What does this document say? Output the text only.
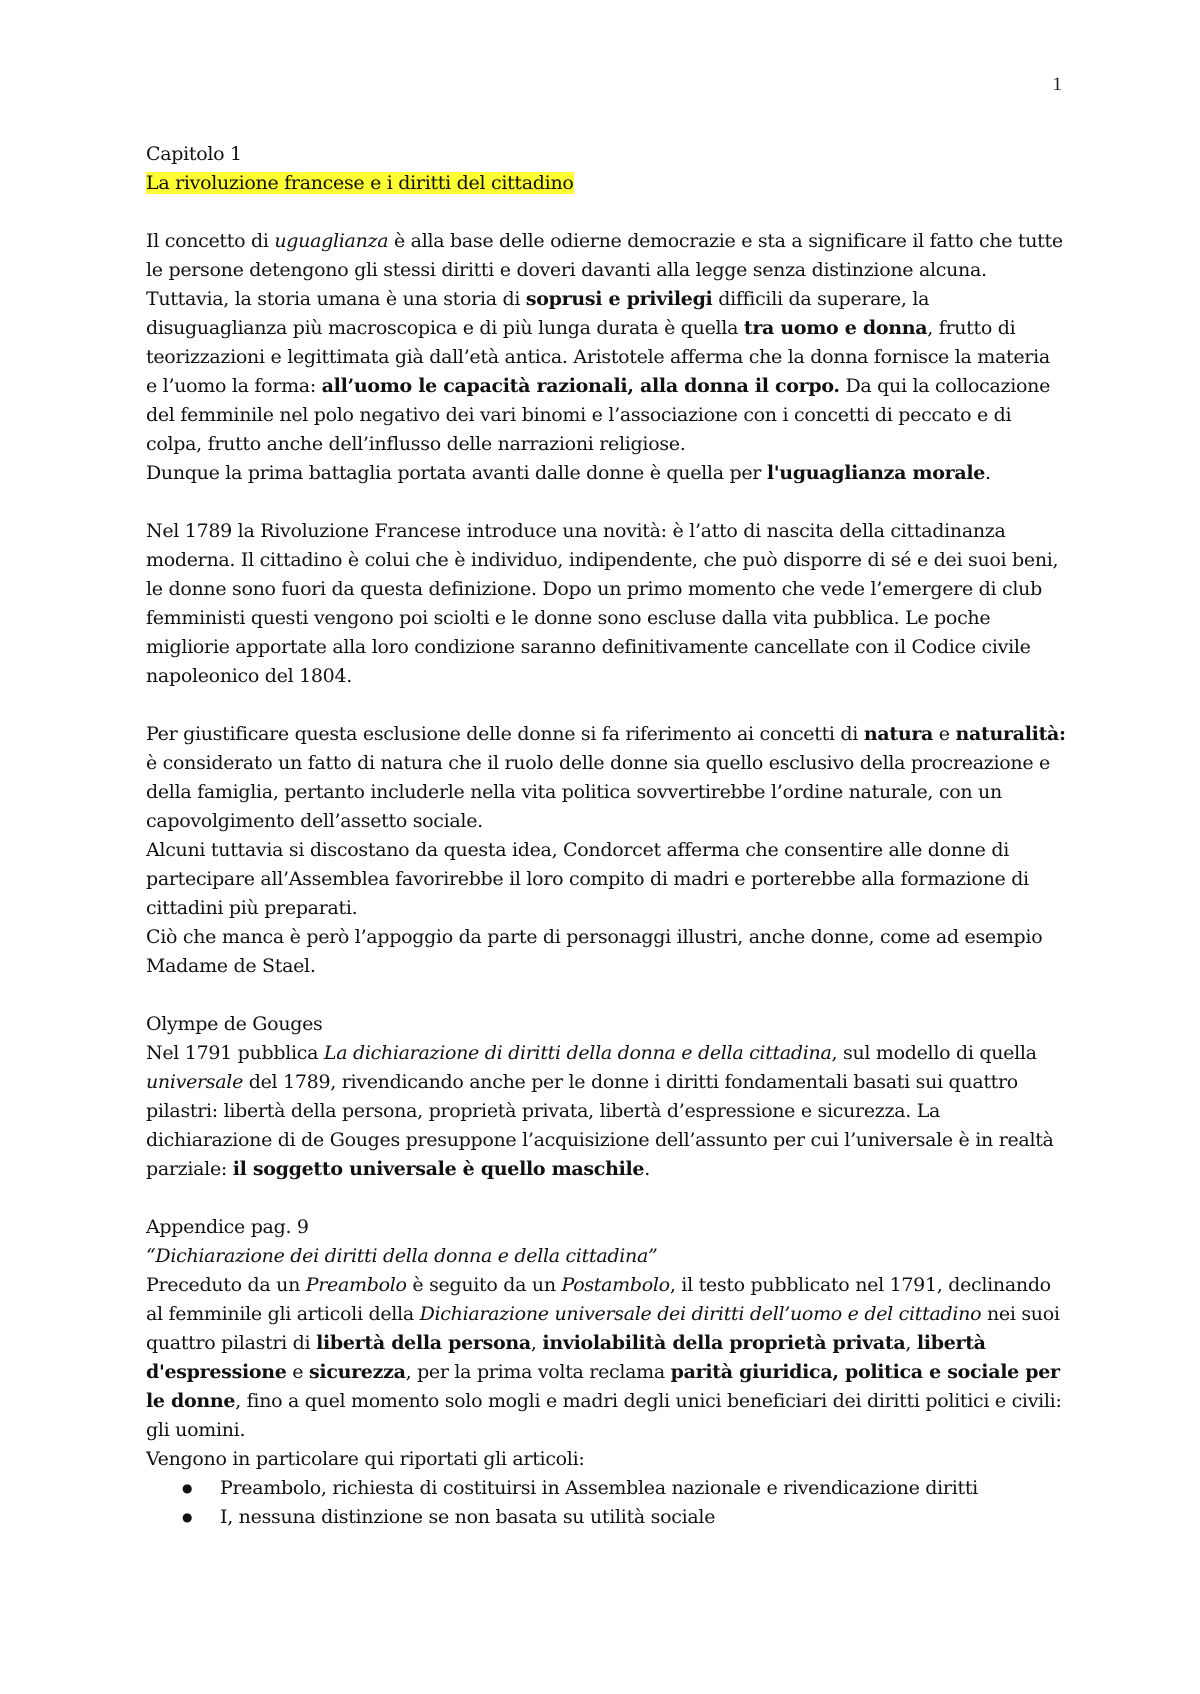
1

Capitolo 1
La rivoluzione francese e i diritti del cittadino

Il concetto di uguaglianza è alla base delle odierne democrazie e sta a significare il fatto che tutte le persone detengono gli stessi diritti e doveri davanti alla legge senza distinzione alcuna. Tuttavia, la storia umana è una storia di soprusi e privilegi difficili da superare, la disuguaglianza più macroscopica e di più lunga durata è quella tra uomo e donna, frutto di teorizzazioni e legittimata già dall’età antica. Aristotele afferma che la donna fornisce la materia e l’uomo la forma: all’uomo le capacità razionali, alla donna il corpo. Da qui la collocazione del femminile nel polo negativo dei vari binomi e l’associazione con i concetti di peccato e di colpa, frutto anche dell’influsso delle narrazioni religiose.

Dunque la prima battaglia portata avanti dalle donne è quella per l'uguaglianza morale.

Nel 1789 la Rivoluzione Francese introduce una novità: è l’atto di nascita della cittadinanza moderna. Il cittadino è colui che è individuo, indipendente, che può disporre di sé e dei suoi beni, le donne sono fuori da questa definizione. Dopo un primo momento che vede l’emergere di club femministi questi vengono poi sciolti e le donne sono escluse dalla vita pubblica. Le poche migliorie apportate alla loro condizione saranno definitivamente cancellate con il Codice civile napoleonico del 1804.

Per giustificare questa esclusione delle donne si fa riferimento ai concetti di natura e naturalità: è considerato un fatto di natura che il ruolo delle donne sia quello esclusivo della procreazione e della famiglia, pertanto includerle nella vita politica sovvertirebbe l’ordine naturale, con un capovolgimento dell’assetto sociale.

Alcuni tuttavia si discostano da questa idea, Condorcet afferma che consentire alle donne di partecipare all’Assemblea favorirebbe il loro compito di madri e porterebbe alla formazione di cittadini più preparati.

Ciò che manca è però l’appoggio da parte di personaggi illustri, anche donne, come ad esempio Madame de Stael.

Olympe de Gouges
Nel 1791 pubblica La dichiarazione di diritti della donna e della cittadina, sul modello di quella universale del 1789, rivendicando anche per le donne i diritti fondamentali basati sui quattro pilastri: libertà della persona, proprietà privata, libertà d’espressione e sicurezza. La dichiarazione di de Gouges presuppone l’acquisizione dell’assunto per cui l’universale è in realtà parziale: il soggetto universale è quello maschile.

Appendice pag. 9
“Dichiarazione dei diritti della donna e della cittadina”
Preceduto da un Preambolo è seguito da un Postambolo, il testo pubblicato nel 1791, declinando al femminile gli articoli della Dichiarazione universale dei diritti dell’uomo e del cittadino nei suoi quattro pilastri di libertà della persona, inviolabilità della proprietà privata, libertà d'espressione e sicurezza, per la prima volta reclama parità giuridica, politica e sociale per le donne, fino a quel momento solo mogli e madri degli unici beneficiari dei diritti politici e civili: gli uomini.
Vengono in particolare qui riportati gli articoli:

● Preambolo, richiesta di costituirsi in Assemblea nazionale e rivendicazione diritti
● I, nessuna distinzione se non basata su utilità sociale
